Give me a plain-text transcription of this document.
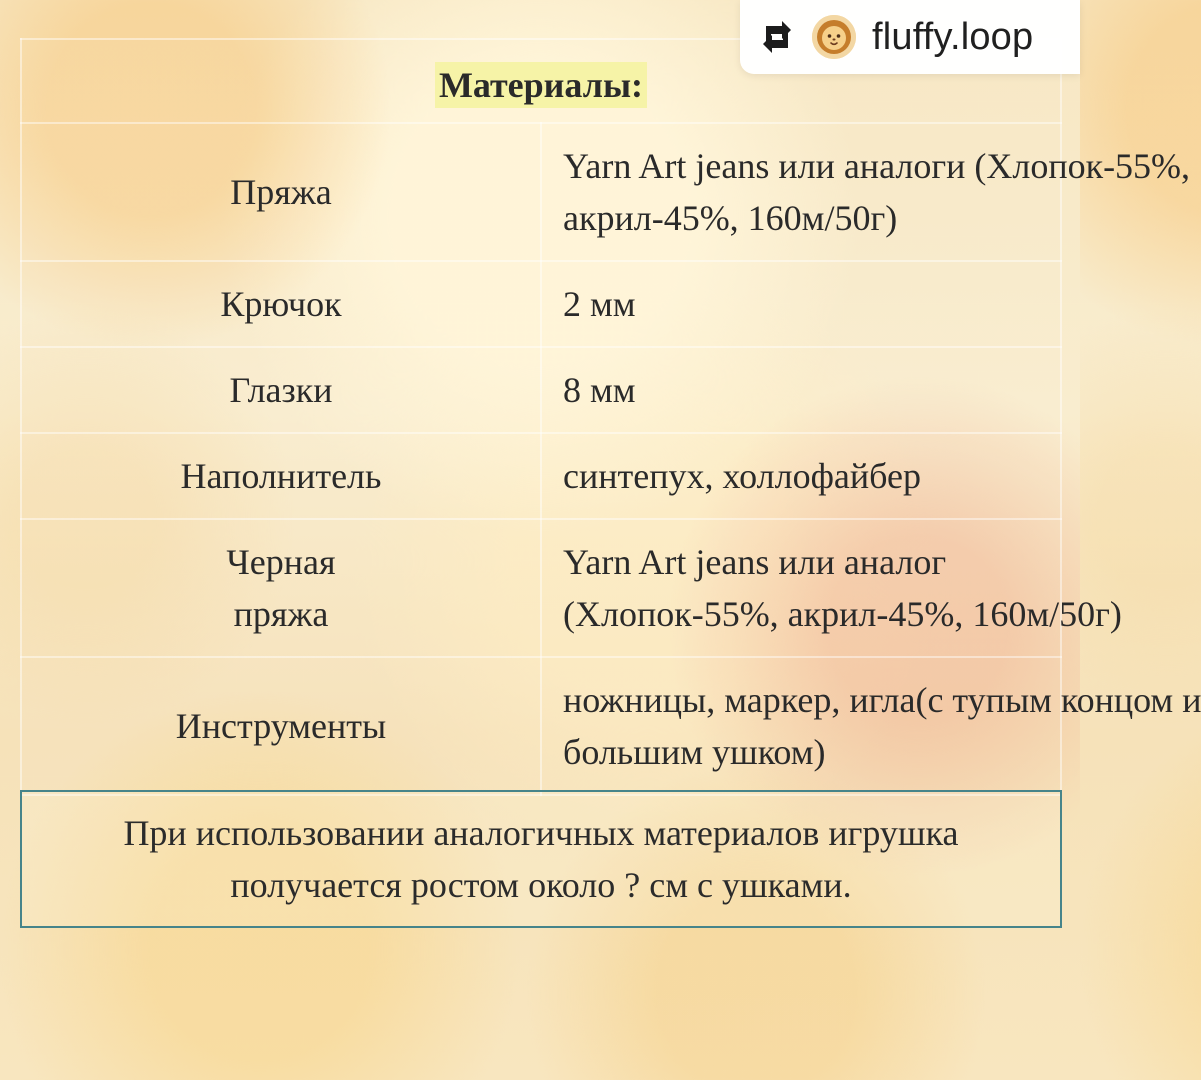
fluffy.loop
Материалы:	

Пряжа	Yarn Art jeans или аналоги (Хлопок-55%,
акрил-45%, 160м/50г)

Крючок	2 мм

Глазки	8 мм

Наполнитель	синтепух, холлофайбер

Черная
пряжа	Yarn Art jeans или аналог
(Хлопок-55%, акрил-45%, 160м/50г)

Инструменты	ножницы, маркер, игла(с тупым концом и
большим ушком)
При использовании аналогичных материалов игрушка
получается ростом около ? см с ушками.
